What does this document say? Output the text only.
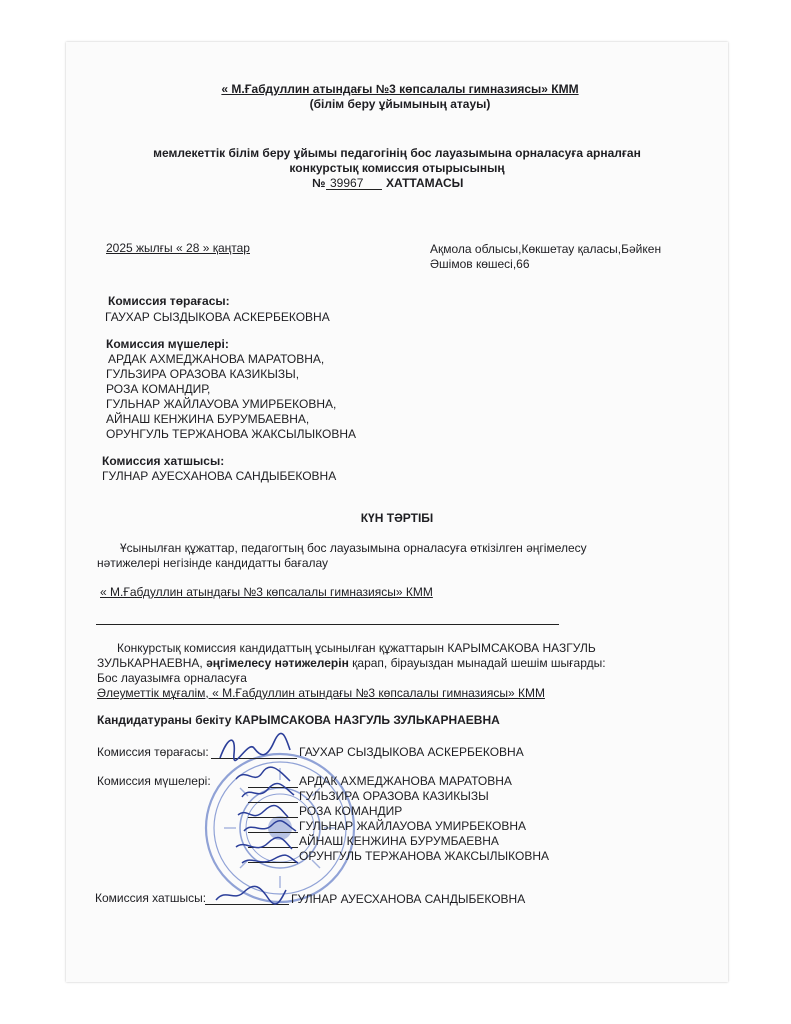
« М.Ғабдуллин атындағы №3 көпсалалы гимназиясы» КММ
(білім беру ұйымының атауы)
мемлекеттік білім беру ұйымы педагогінің бос лауазымына орналасуға арналған
конкурстық комиссия отырысының
№ 39967 ХАТТАМАСЫ
2025 жылғы « 28 » қаңтар	Ақмола облысы,Көкшетау қаласы,Бәйкен
Әшімов көшесі,66
Комиссия төрағасы:
ГАУХАР СЫЗДЫКОВА АСКЕРБЕКОВНА
Комиссия мүшелері:
АРДАК АХМЕДЖАНОВА МАРАТОВНА,
ГУЛЬЗИРА ОРАЗОВА КАЗИКЫЗЫ,
РОЗА КОМАНДИР,
ГУЛЬНАР ЖАЙЛАУОВА УМИРБЕКОВНА,
АЙНАШ КЕНЖИНА БУРУМБАЕВНА,
ОРУНГУЛЬ ТЕРЖАНОВА ЖАКСЫЛЫКОВНА
Комиссия хатшысы:
ГУЛНАР АУЕСХАНОВА САНДЫБЕКОВНА
КҮН ТӘРТІБІ
Ұсынылған құжаттар, педагогтың бос лауазымына орналасуға өткізілген әңгімелесу
нәтижелері негізінде кандидатты бағалау
« М.Ғабдуллин атындағы №3 көпсалалы гимназиясы» КММ
Конкурстық комиссия кандидаттың ұсынылған құжаттарын КАРЫМСАКОВА НАЗГУЛЬ
ЗУЛЬКАРНАЕВНА, әңгімелесу нәтижелерін қарап, бірауыздан мынадай шешім шығарды:
Бос лауазымға орналасуға
Әлеуметтік мұғалім, « М.Ғабдуллин атындағы №3 көпсалалы гимназиясы» КММ
Кандидатураны бекіту КАРЫМСАКОВА НАЗГУЛЬ ЗУЛЬКАРНАЕВНА
Комиссия төрағасы:	ГАУХАР СЫЗДЫКОВА АСКЕРБЕКОВНА
Комиссия мүшелері:	АРДАК АХМЕДЖАНОВА МАРАТОВНА
ГУЛЬЗИРА ОРАЗОВА КАЗИКЫЗЫ
РОЗА КОМАНДИР
ГУЛЬНАР ЖАЙЛАУОВА УМИРБЕКОВНА
АЙНАШ КЕНЖИНА БУРУМБАЕВНА
ОРУНГУЛЬ ТЕРЖАНОВА ЖАКСЫЛЫКОВНА
Комиссия хатшысы:	ГУЛНАР АУЕСХАНОВА САНДЫБЕКОВНА
